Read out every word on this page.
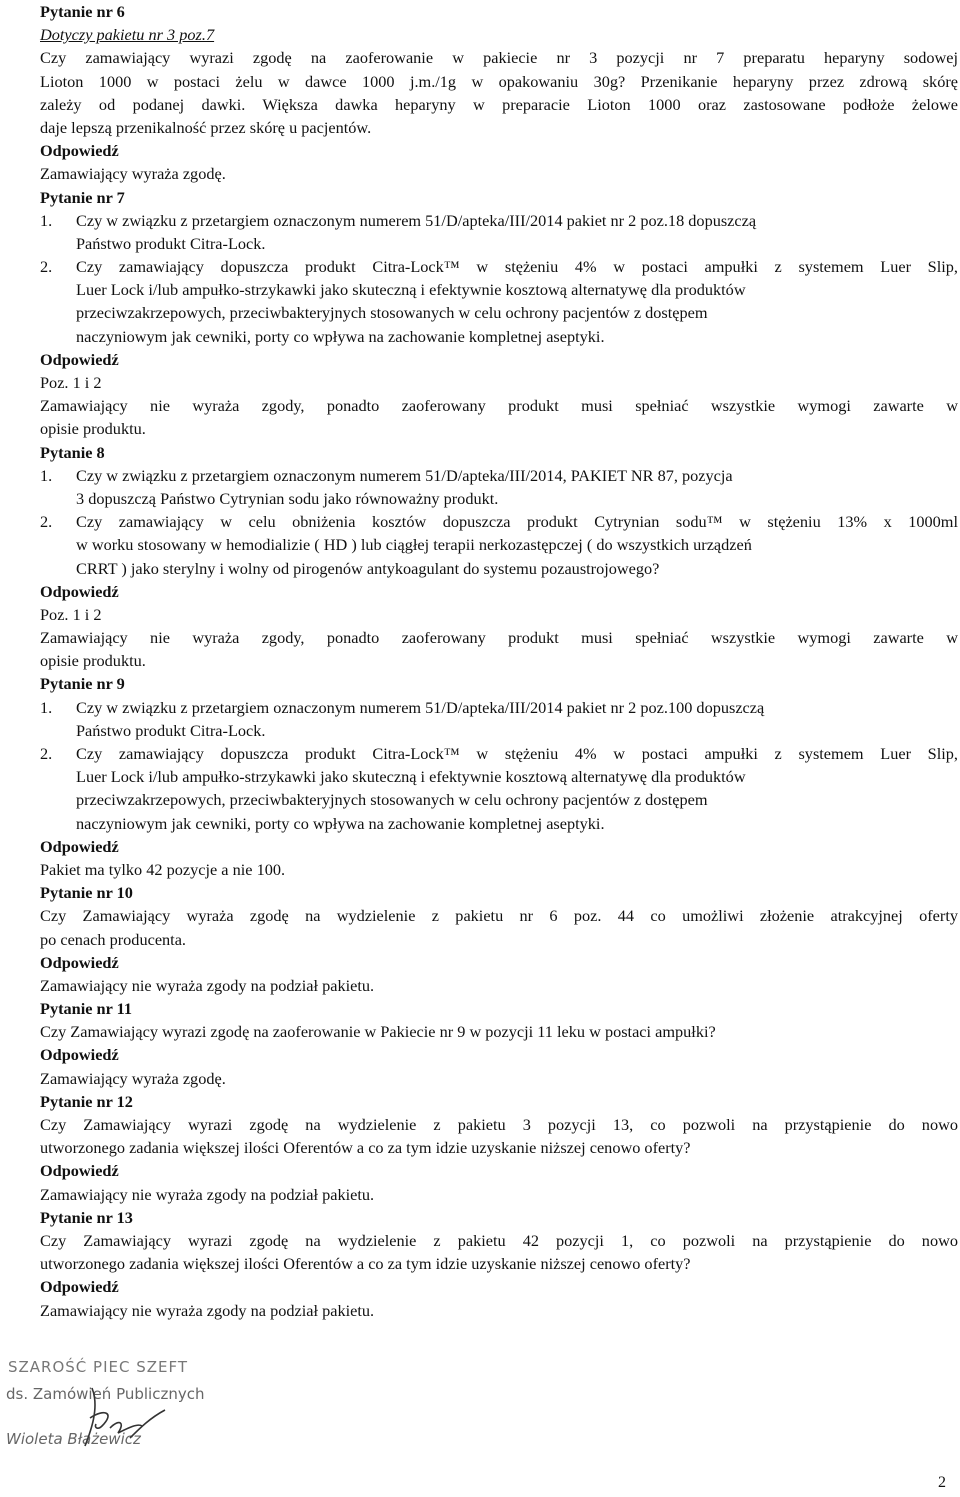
Pytanie nr 6
Dotyczy pakietu nr 3 poz.7
Czy zamawiający wyrazi zgodę na zaoferowanie w pakiecie nr 3 pozycji nr 7 preparatu heparyny sodowej
Lioton 1000 w postaci żelu w dawce 1000 j.m./1g w opakowaniu 30g? Przenikanie heparyny przez zdrową skórę
zależy od podanej dawki. Większa dawka heparyny w preparacie Lioton 1000 oraz zastosowane podłoże żelowe
daje lepszą przenikalność przez skórę u pacjentów.
Odpowiedź
Zamawiający wyraża zgodę.
Pytanie nr 7
1.	Czy w związku z przetargiem oznaczonym numerem 51/D/apteka/III/2014 pakiet nr 2 poz.18 dopuszczą
Państwo produkt Citra-Lock.
2.	Czy zamawiający dopuszcza produkt Citra-Lock™ w stężeniu 4% w postaci ampułki z systemem Luer Slip,
Luer Lock i/lub ampułko-strzykawki jako skuteczną i efektywnie kosztową alternatywę dla produktów
przeciwzakrzepowych, przeciwbakteryjnych stosowanych w celu ochrony pacjentów z dostępem
naczyniowym jak cewniki, porty co wpływa na zachowanie kompletnej aseptyki.
Odpowiedź
Poz. 1 i 2
Zamawiający nie wyraża zgody, ponadto zaoferowany produkt musi spełniać wszystkie wymogi zawarte w
opisie produktu.
Pytanie 8
1.	Czy w związku z przetargiem oznaczonym numerem 51/D/apteka/III/2014, PAKIET NR 87, pozycja
3 dopuszczą Państwo Cytrynian sodu jako równoważny produkt.
2.	Czy zamawiający w celu obniżenia kosztów dopuszcza produkt Cytrynian sodu™ w stężeniu 13% x 1000ml
w worku stosowany w hemodializie ( HD ) lub ciągłej terapii nerkozastępczej ( do wszystkich urządzeń
CRRT ) jako sterylny i wolny od pirogenów antykoagulant do systemu pozaustrojowego?
Odpowiedź
Poz. 1 i 2
Zamawiający nie wyraża zgody, ponadto zaoferowany produkt musi spełniać wszystkie wymogi zawarte w
opisie produktu.
Pytanie nr 9
1.	Czy w związku z przetargiem oznaczonym numerem 51/D/apteka/III/2014 pakiet nr 2 poz.100 dopuszczą
Państwo produkt Citra-Lock.
2.	Czy zamawiający dopuszcza produkt Citra-Lock™ w stężeniu 4% w postaci ampułki z systemem Luer Slip,
Luer Lock i/lub ampułko-strzykawki jako skuteczną i efektywnie kosztową alternatywę dla produktów
przeciwzakrzepowych, przeciwbakteryjnych stosowanych w celu ochrony pacjentów z dostępem
naczyniowym jak cewniki, porty co wpływa na zachowanie kompletnej aseptyki.
Odpowiedź
Pakiet ma tylko 42 pozycje a nie 100.
Pytanie nr 10
Czy Zamawiający wyraża zgodę na wydzielenie z pakietu nr 6 poz. 44 co umożliwi złożenie atrakcyjnej oferty
po cenach producenta.
Odpowiedź
Zamawiający nie wyraża zgody na podział pakietu.
Pytanie nr 11
Czy Zamawiający wyrazi zgodę na zaoferowanie w Pakiecie nr 9 w pozycji 11 leku w postaci ampułki?
Odpowiedź
Zamawiający wyraża zgodę.
Pytanie nr 12
Czy Zamawiający wyrazi zgodę na wydzielenie z pakietu 3 pozycji 13, co pozwoli na przystąpienie do nowo
utworzonego zadania większej ilości Oferentów a co za tym idzie uzyskanie niższej cenowo oferty?
Odpowiedź
Zamawiający nie wyraża zgody na podział pakietu.
Pytanie nr 13
Czy Zamawiający wyrazi zgodę na wydzielenie z pakietu 42 pozycji 1, co pozwoli na przystąpienie do nowo
utworzonego zadania większej ilości Oferentów a co za tym idzie uzyskanie niższej cenowo oferty?
Odpowiedź
Zamawiający nie wyraża zgody na podział pakietu.
SZAROŚĆ PIEC SZEFT
ds. Zamówień Publicznych
Wioleta Błażewicz
2
